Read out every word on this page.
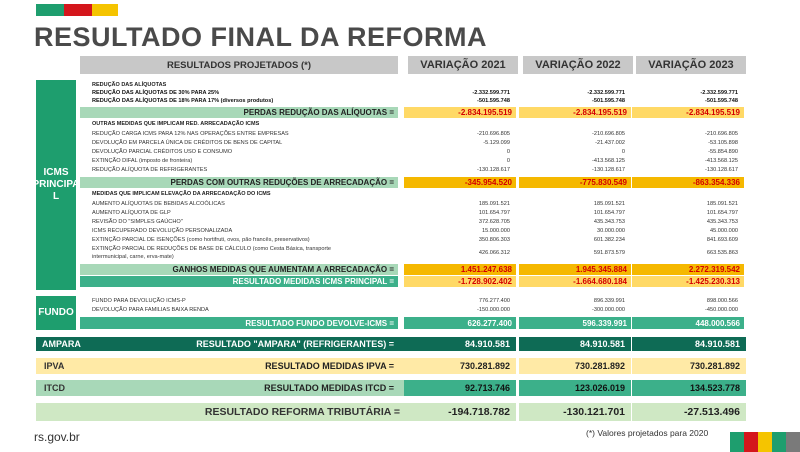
RESULTADO FINAL DA REFORMA
RESULTADOS PROJETADOS (*)	VARIAÇÃO 2021	VARIAÇÃO 2022	VARIAÇÃO 2023
ICMS
PRINCIPA
L
REDUÇÃO DAS ALÍQUOTAS
REDUÇÃO DAS ALÍQUOTAS DE 30% PARA 25%	-2.332.599.771	-2.332.599.771	-2.332.599.771
REDUÇÃO DAS ALÍQUOTAS DE 18% PARA 17% (diversos produtos)	-501.595.748	-501.595.748	-501.595.748
PERDAS REDUÇÃO DAS ALÍQUOTAS =	-2.834.195.519	-2.834.195.519	-2.834.195.519
OUTRAS MEDIDAS QUE IMPLICAM RED. ARRECADAÇÃO ICMS
REDUÇÃO CARGA ICMS PARA 12% NAS OPERAÇÕES ENTRE EMPRESAS	-210.696.805	-210.696.805	-210.696.805
DEVOLUÇÃO EM PARCELA ÚNICA DE CRÉDITOS DE BENS DE CAPITAL	-5.129.099	-21.437.002	-53.105.898
DEVOLUÇÃO PARCIAL CRÉDITOS USO E CONSUMO	0	0	-55.854.890
EXTINÇÃO DIFAL (imposto de fronteira)	0	-413.568.125	-413.568.125
REDUÇÃO ALÍQUOTA DE REFRIGERANTES	-130.128.617	-130.128.617	-130.128.617
PERDAS COM OUTRAS REDUÇÕES DE ARRECADAÇÃO =	-345.954.520	-775.830.549	-863.354.336
MEDIDAS QUE IMPLICAM ELEVAÇÃO DA ARRECADAÇÃO DO ICMS
AUMENTO ALÍQUOTAS DE BEBIDAS ALCOÓLICAS	185.091.521	185.091.521	185.091.521
AUMENTO ALÍQUOTA DE GLP	101.654.797	101.654.797	101.654.797
REVISÃO DO "SIMPLES GAÚCHO"	372.628.705	435.343.753	435.343.753
ICMS RECUPERADO DEVOLUÇÃO PERSONALIZADA	15.000.000	30.000.000	45.000.000
EXTINÇÃO PARCIAL DE ISENÇÕES (como hortifruti, ovos, pão francês, preservativos)	350.806.303	601.382.234	841.693.609
EXTINÇÃO PARCIAL DE REDUÇÕES DE BASE DE CÁLCULO (como Cesta Básica, transporte
426.066.312	591.873.579	663.535.863
intermunicipal, carne, erva-mate)
GANHOS MEDIDAS QUE AUMENTAM A ARRECADAÇÃO =	1.451.247.638	1.945.345.884	2.272.319.542
RESULTADO MEDIDAS ICMS PRINCIPAL =	-1.728.902.402	-1.664.680.184	-1.425.230.313
FUNDO
FUNDO PARA DEVOLUÇÃO ICMS-P	776.277.400	896.339.991	898.000.566
DEVOLUÇÃO PARA FAMILIAS BAIXA RENDA	-150.000.000	-300.000.000	-450.000.000
RESULTADO FUNDO DEVOLVE-ICMS =	626.277.400	596.339.991	448.000.566
AMPARA	RESULTADO "AMPARA" (REFRIGERANTES) =	84.910.581	84.910.581	84.910.581
IPVA	RESULTADO MEDIDAS IPVA =	730.281.892	730.281.892	730.281.892
ITCD	RESULTADO MEDIDAS ITCD =	92.713.746	123.026.019	134.523.778
RESULTADO REFORMA TRIBUTÁRIA =	-194.718.782	-130.121.701	-27.513.496
rs.gov.br	(*) Valores projetados para 2020
